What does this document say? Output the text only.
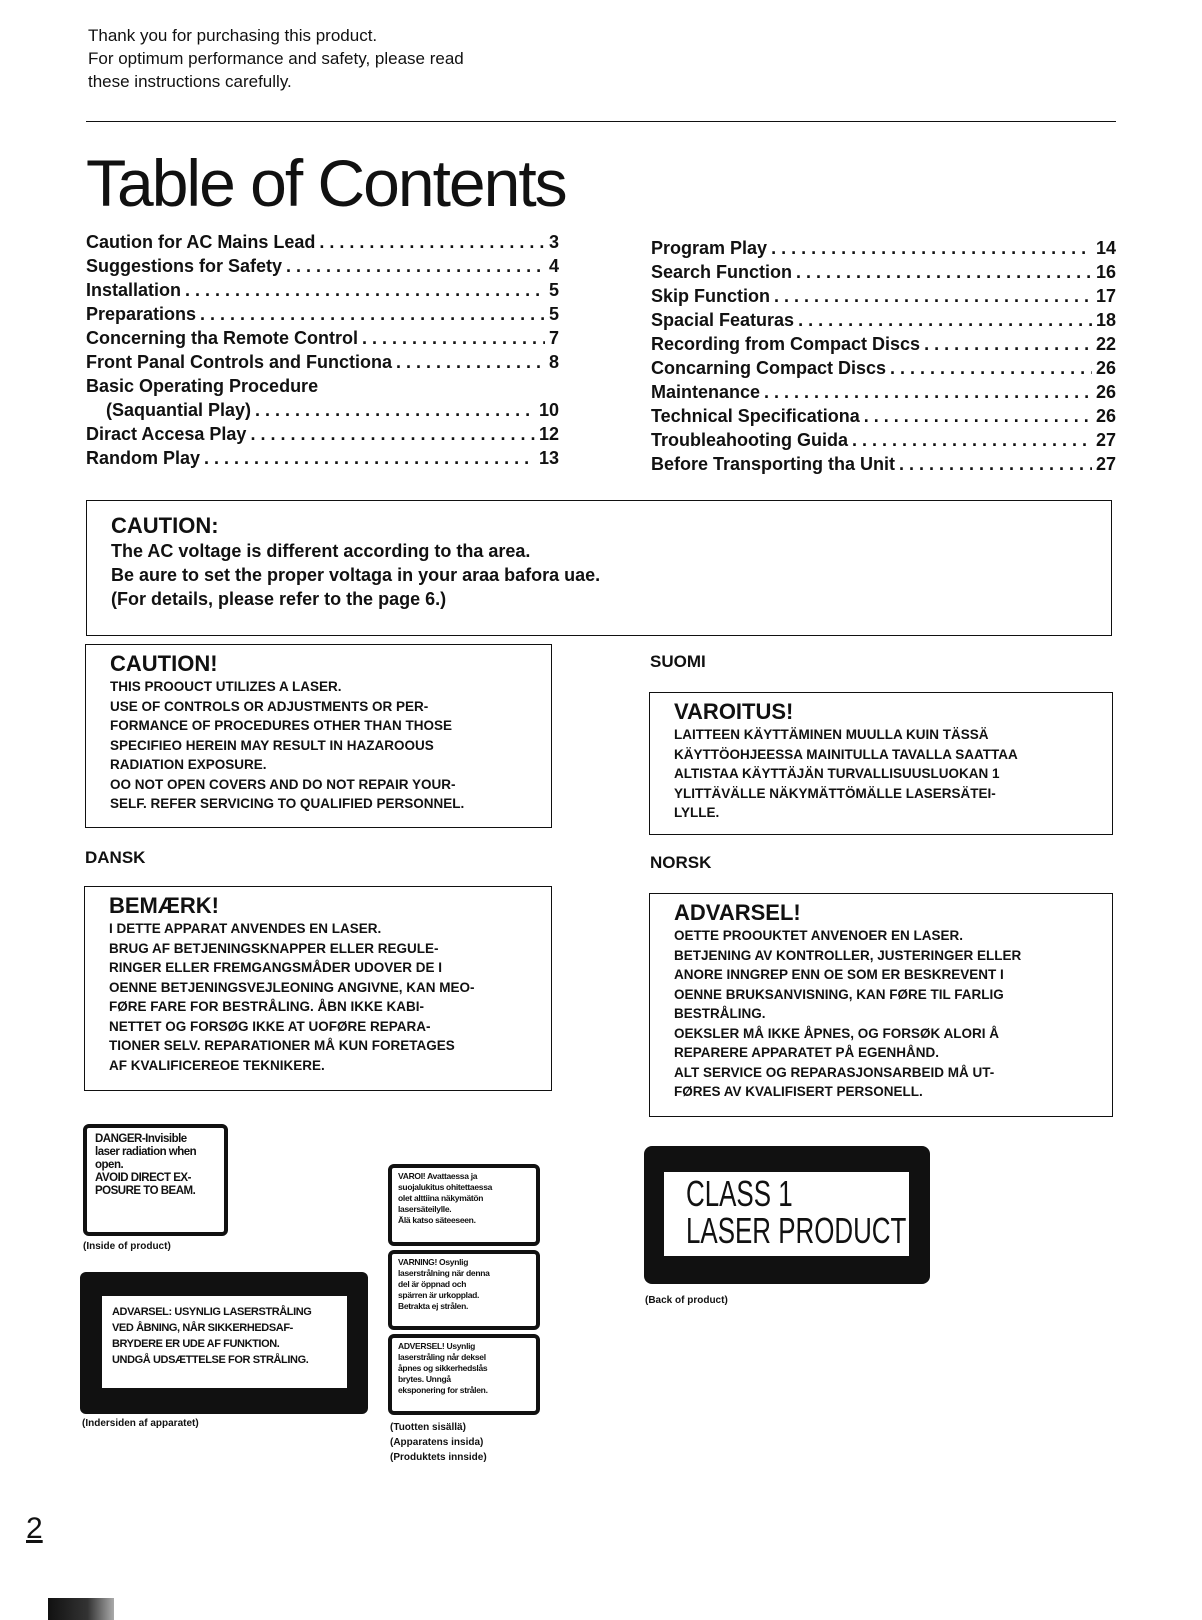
Thank you for purchasing this product.
For optimum performance and safety, please read
these instructions carefully.
Table of Contents
Caution for AC Mains Lead . . .	3
Suggestions for Safety . . .	4
Installation . . .	5
Preparations . . .	5
Concerning tha Remote Control . . .	7
Front Panal Controls and Functiona . . .	8
Basic Operating Procedure
(Saquantial Play) . . .	10
Diract Accesa Play . . .	12
Random Play . . .	13
Program Play . . .	14
Search Function . . .	16
Skip Function . . .	17
Spacial Featuras . . .	18
Recording from Compact Discs . . .	22
Concarning Compact Discs . . .	26
Maintenance . . .	26
Technical Specificationa . . .	26
Troubleahooting Guida . . .	27
Before Transporting tha Unit . . .	27
CAUTION:
The AC voltage is different according to tha area.
Be aure to set the proper voltaga in your araa bafora uae.
(For details, please refer to the page 6.)
CAUTION!
THIS PROOUCT UTILIZES A LASER.
USE OF CONTROLS OR ADJUSTMENTS OR PER-
FORMANCE OF PROCEDURES OTHER THAN THOSE
SPECIFIEO HEREIN MAY RESULT IN HAZAROOUS
RADIATION EXPOSURE.
OO NOT OPEN COVERS AND DO NOT REPAIR YOUR-
SELF. REFER SERVICING TO QUALIFIED PERSONNEL.
SUOMI
VAROITUS!
LAITTEEN KÄYTTÄMINEN MUULLA KUIN TÄSSÄ
KÄYTTÖOHJEESSA MAINITULLA TAVALLA SAATTAA
ALTISTAA KÄYTTÄJÄN TURVALLISUUSLUOKAN 1
YLITTÄVÄLLE NÄKYMÄTTÖMÄLLE LASERSÄTEI-
LYLLE.
DANSK
BEMÆRK!
I DETTE APPARAT ANVENDES EN LASER.
BRUG AF BETJENINGSKNAPPER ELLER REGULE-
RINGER ELLER FREMGANGSMÅDER UDOVER DE I
OENNE BETJENINGSVEJLEONING ANGIVNE, KAN MEO-
FØRE FARE FOR BESTRÅLING. ÅBN IKKE KABI-
NETTET OG FORSØG IKKE AT UOFØRE REPARA-
TIONER SELV. REPARATIONER MÅ KUN FORETAGES
AF KVALIFICEREOE TEKNIKERE.
NORSK
ADVARSEL!
OETTE PROOUKTET ANVENOER EN LASER.
BETJENING AV KONTROLLER, JUSTERINGER ELLER
ANORE INNGREP ENN OE SOM ER BESKREVENT I
OENNE BRUKSANVISNING, KAN FØRE TIL FARLIG
BESTRÅLING.
OEKSLER MÅ IKKE ÅPNES, OG FORSØK ALORI Å
REPARERE APPARATET PÅ EGENHÅND.
ALT SERVICE OG REPARASJONSARBEID MÅ UT-
FØRES AV KVALIFISERT PERSONELL.
DANGER-Invisible
laser radiation when
open.
AVOID DIRECT EX-
POSURE TO BEAM.
(Inside of product)
ADVARSEL: USYNLIG LASERSTRÅLING
VED ÅBNING, NÅR SIKKERHEDSAF-
BRYDERE ER UDE AF FUNKTION.
UNDGÅ UDSÆTTELSE FOR STRÅLING.
(Indersiden af apparatet)
VAROI! Avattaessa ja
suojalukitus ohitettaessa
olet alttiina näkymätön
lasersäteilylle.
Älä katso säteeseen.
VARNING! Osynlig
laserstrålning när denna
del är öppnad och
spärren är urkopplad.
Betrakta ej strålen.
ADVERSEL! Usynlig
laserstråling når deksel
åpnes og sikkerhedslås
brytes. Unngå
eksponering for strålen.
(Tuotten sisällä)
(Apparatens insida)
(Produktets innside)
CLASS 1
LASER PRODUCT
(Back of product)
2
